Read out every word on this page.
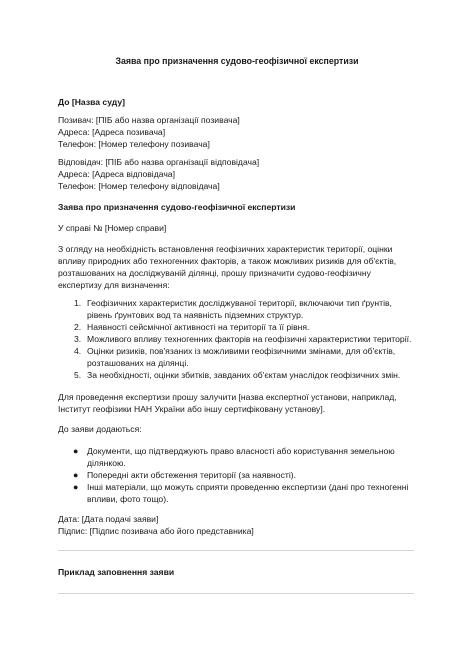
Заява про призначення судово-геофізичної експертизи

До [Назва суду]

Позивач: [ПІБ або назва організації позивача]

Адреса: [Адреса позивача]

Телефон: [Номер телефону позивача]

Відповідач: [ПІБ або назва організації відповідача]

Адреса: [Адреса відповідача]

Телефон: [Номер телефону відповідача]

Заява про призначення судово-геофізичної експертизи

У справі № [Номер справи]

З огляду на необхідність встановлення геофізичних характеристик території, оцінки

впливу природних або техногенних факторів, а також можливих ризиків для об'єктів,

розташованих на досліджуваній ділянці, прошу призначити судово-геофізичну

експертизу для визначення:

1. Геофізичних характеристик досліджуваної території, включаючи тип ґрунтів,

рівень ґрунтових вод та наявність підземних структур.

2. Наявності сейсмічної активності на території та її рівня.

3. Можливого впливу техногенних факторів на геофізичні характеристики території.

4. Оцінки ризиків, пов'язаних із можливими геофізичними змінами, для об'єктів,

розташованих на ділянці.

5. За необхідності, оцінки збитків, завданих об'єктам унаслідок геофізичних змін.

Для проведення експертизи прошу залучити [назва експертної установи, наприклад,

Інститут геофізики НАН України або іншу сертифіковану установу].

До заяви додаються:

● Документи, що підтверджують право власності або користування земельною

ділянкою.

● Попередні акти обстеження території (за наявності).

● Інші матеріали, що можуть сприяти проведенню експертизи (дані про техногенні

впливи, фото тощо).

Дата: [Дата подачі заяви]

Підпис: [Підпис позивача або його представника]

Приклад заповнення заяви
